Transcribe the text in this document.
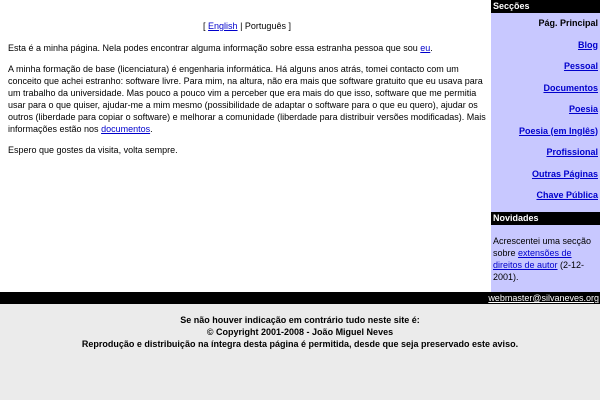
[ English | Português ]

Esta é a minha página. Nela podes encontrar alguma informação sobre essa estranha pessoa que sou eu.

A minha formação de base (licenciatura) é engenharia informática. Há alguns anos atrás, tomei contacto com um conceito que achei estranho: software livre. Para mim, na altura, não era mais que software gratuito que eu usava para um trabalho da universidade. Mas pouco a pouco vim a perceber que era mais do que isso, software que me permitia usar para o que quiser, ajudar-me a mim mesmo (possibilidade de adaptar o software para o que eu quero), ajudar os outros (liberdade para copiar o software) e melhorar a comunidade (liberdade para distribuir versões modificadas). Mais informações estão nos documentos.

Espero que gostes da visita, volta sempre.

Secções
Pág. Principal
Blog
Pessoal
Documentos
Poesia
Poesia (em Inglês)
Profissional
Outras Páginas
Chave Pública
Novidades
Acrescentei uma secção sobre extensões de direitos de autor (2-12-2001).
webmaster@silvaneves.org
Se não houver indicação em contrário tudo neste site é:
© Copyright 2001-2008 - João Miguel Neves
Reprodução e distribuição na íntegra desta página é permitida, desde que seja preservado este aviso.
